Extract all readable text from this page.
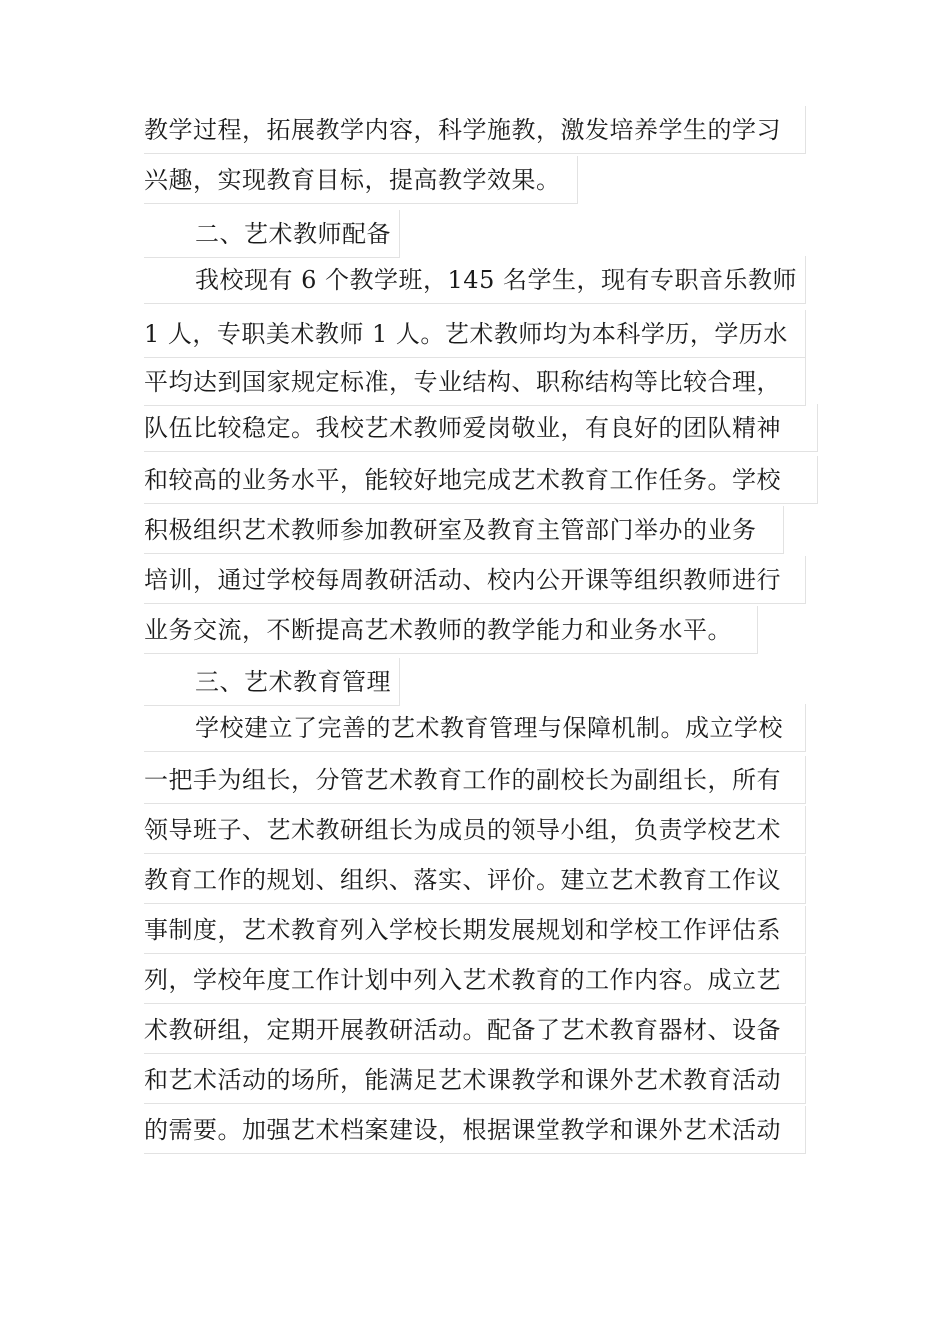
教学过程，拓展教学内容，科学施教，激发培养学生的学习
兴趣，实现教育目标，提高教学效果。
二、艺术教师配备
我校现有 6 个教学班，145 名学生，现有专职音乐教师
1 人，专职美术教师 1 人。艺术教师均为本科学历，学历水
平均达到国家规定标准，专业结构、职称结构等比较合理，
队伍比较稳定。我校艺术教师爱岗敬业，有良好的团队精神
和较高的业务水平，能较好地完成艺术教育工作任务。学校
积极组织艺术教师参加教研室及教育主管部门举办的业务
培训，通过学校每周教研活动、校内公开课等组织教师进行
业务交流，不断提高艺术教师的教学能力和业务水平。
三、艺术教育管理
学校建立了完善的艺术教育管理与保障机制。成立学校
一把手为组长，分管艺术教育工作的副校长为副组长，所有
领导班子、艺术教研组长为成员的领导小组，负责学校艺术
教育工作的规划、组织、落实、评价。建立艺术教育工作议
事制度，艺术教育列入学校长期发展规划和学校工作评估系
列，学校年度工作计划中列入艺术教育的工作内容。成立艺
术教研组，定期开展教研活动。配备了艺术教育器材、设备
和艺术活动的场所，能满足艺术课教学和课外艺术教育活动
的需要。加强艺术档案建设，根据课堂教学和课外艺术活动
